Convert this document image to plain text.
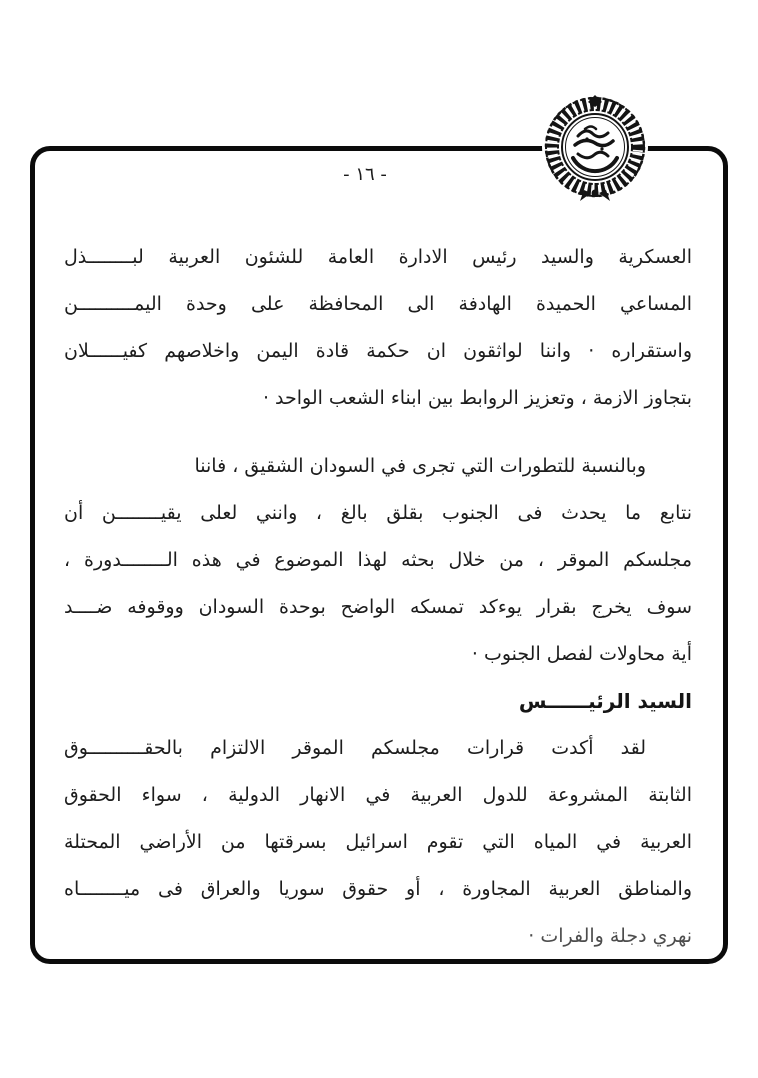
- ١٦ -
العسكرية والسيد رئيس الادارة العامة للشئون العربية لبــــــــذل
المساعي الحميدة الهادفة الى المحافظة على وحدة اليمــــــــــن
واستقراره · واننا لواثقون ان حكمة قادة اليمن واخلاصهم كفيــــــلان
بتجاوز الازمة ، وتعزيز الروابط بين ابناء الشعب الواحد ·
وبالنسبة للتطورات التي تجرى في السودان الشقيق ، فاننا
نتابع ما يحدث فى الجنوب بقلق بالغ ، وانني لعلى يقيــــــــن أن
مجلسكم الموقر ، من خلال بحثه لهذا الموضوع في هذه الــــــــدورة ،
سوف يخرج بقرار يوءكد تمسكه الواضح بوحدة السودان ووقوفه ضــــد
أية محاولات لفصل الجنوب ·
السيد الرئيــــــس
لقد أكدت قرارات مجلسكم الموقر الالتزام بالحقــــــــــوق
الثابتة المشروعة للدول العربية في الانهار الدولية ، سواء الحقوق
العربية في المياه التي تقوم اسرائيل بسرقتها من الأراضي المحتلة
والمناطق العربية المجاورة ، أو حقوق سوريا والعراق فى ميــــــــاه
نهري دجلة والفرات ·
